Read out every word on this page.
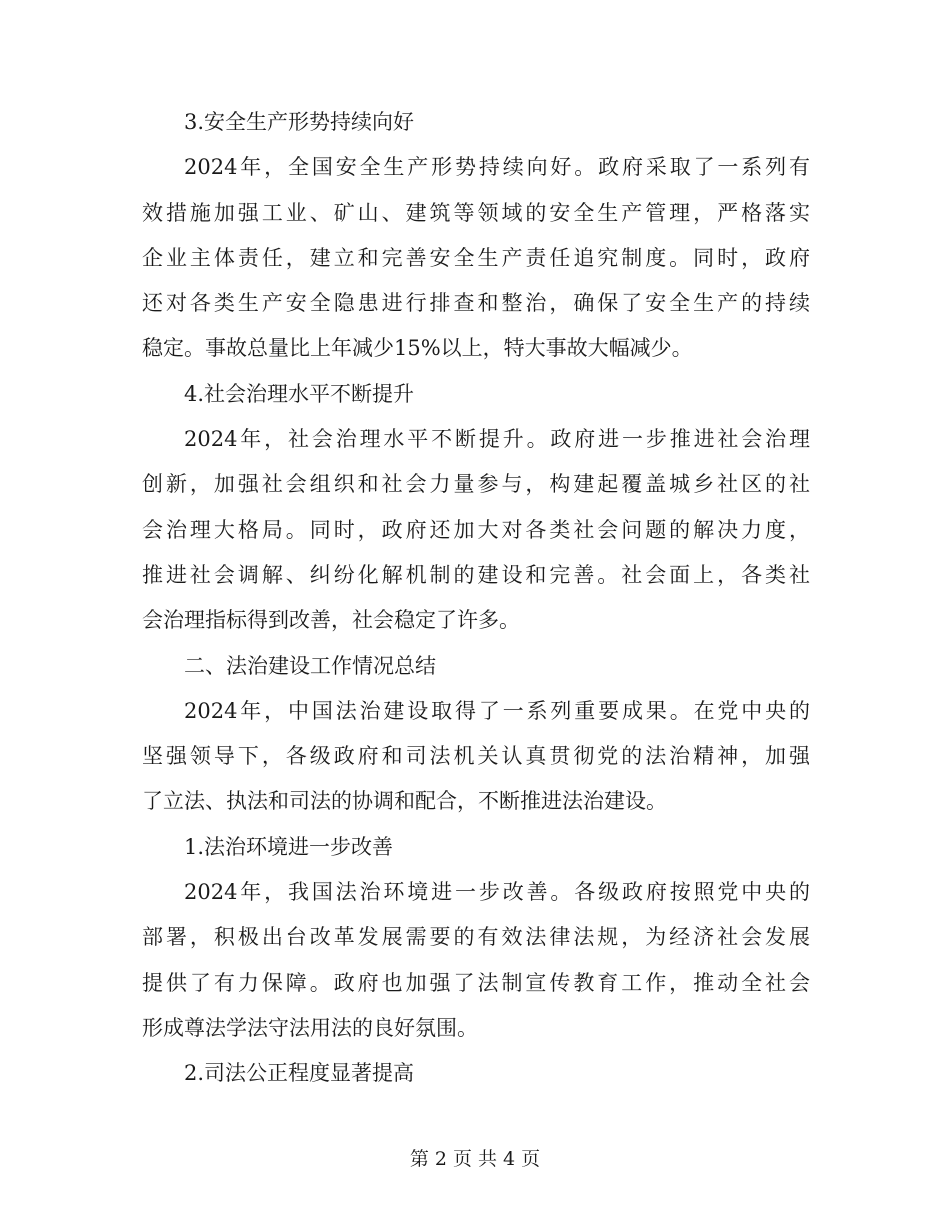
3.安全生产形势持续向好
2024年，全国安全生产形势持续向好。政府采取了一系列有
效措施加强工业、矿山、建筑等领域的安全生产管理，严格落实
企业主体责任，建立和完善安全生产责任追究制度。同时，政府
还对各类生产安全隐患进行排查和整治，确保了安全生产的持续
稳定。事故总量比上年减少15%以上，特大事故大幅减少。
4.社会治理水平不断提升
2024年，社会治理水平不断提升。政府进一步推进社会治理
创新，加强社会组织和社会力量参与，构建起覆盖城乡社区的社
会治理大格局。同时，政府还加大对各类社会问题的解决力度，
推进社会调解、纠纷化解机制的建设和完善。社会面上，各类社
会治理指标得到改善，社会稳定了许多。
二、法治建设工作情况总结
2024年，中国法治建设取得了一系列重要成果。在党中央的
坚强领导下，各级政府和司法机关认真贯彻党的法治精神，加强
了立法、执法和司法的协调和配合，不断推进法治建设。
1.法治环境进一步改善
2024年，我国法治环境进一步改善。各级政府按照党中央的
部署，积极出台改革发展需要的有效法律法规，为经济社会发展
提供了有力保障。政府也加强了法制宣传教育工作，推动全社会
形成尊法学法守法用法的良好氛围。
2.司法公正程度显著提高
第 2 页 共 4 页
